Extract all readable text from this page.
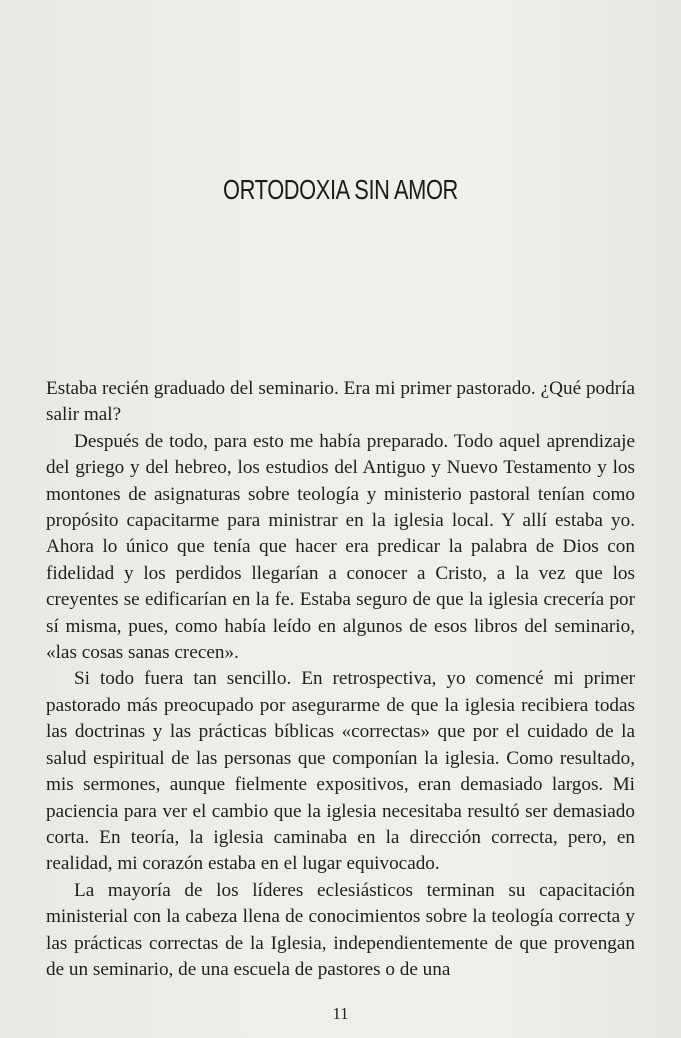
ORTODOXIA SIN AMOR

Estaba recién graduado del seminario. Era mi primer pastorado. ¿Qué podría salir mal?

Después de todo, para esto me había preparado. Todo aquel aprendizaje del griego y del hebreo, los estudios del Antiguo y Nuevo Testamento y los montones de asignaturas sobre teología y ministerio pastoral tenían como propósito capacitarme para ministrar en la iglesia local. Y allí estaba yo. Ahora lo único que tenía que hacer era predicar la palabra de Dios con fidelidad y los perdidos llegarían a conocer a Cristo, a la vez que los creyentes se edificarían en la fe. Estaba seguro de que la iglesia crecería por sí misma, pues, como había leído en algunos de esos libros del seminario, «las cosas sanas crecen».

Si todo fuera tan sencillo. En retrospectiva, yo comencé mi primer pastorado más preocupado por asegurarme de que la iglesia recibiera todas las doctrinas y las prácticas bíblicas «correctas» que por el cuidado de la salud espiritual de las personas que componían la iglesia. Como resultado, mis sermones, aunque fielmente expositivos, eran demasiado largos. Mi paciencia para ver el cambio que la iglesia necesitaba resultó ser demasiado corta. En teoría, la iglesia caminaba en la dirección correcta, pero, en realidad, mi corazón estaba en el lugar equivocado.

La mayoría de los líderes eclesiásticos terminan su capacitación ministerial con la cabeza llena de conocimientos sobre la teología correcta y las prácticas correctas de la Iglesia, independientemente de que provengan de un seminario, de una escuela de pastores o de una

11
